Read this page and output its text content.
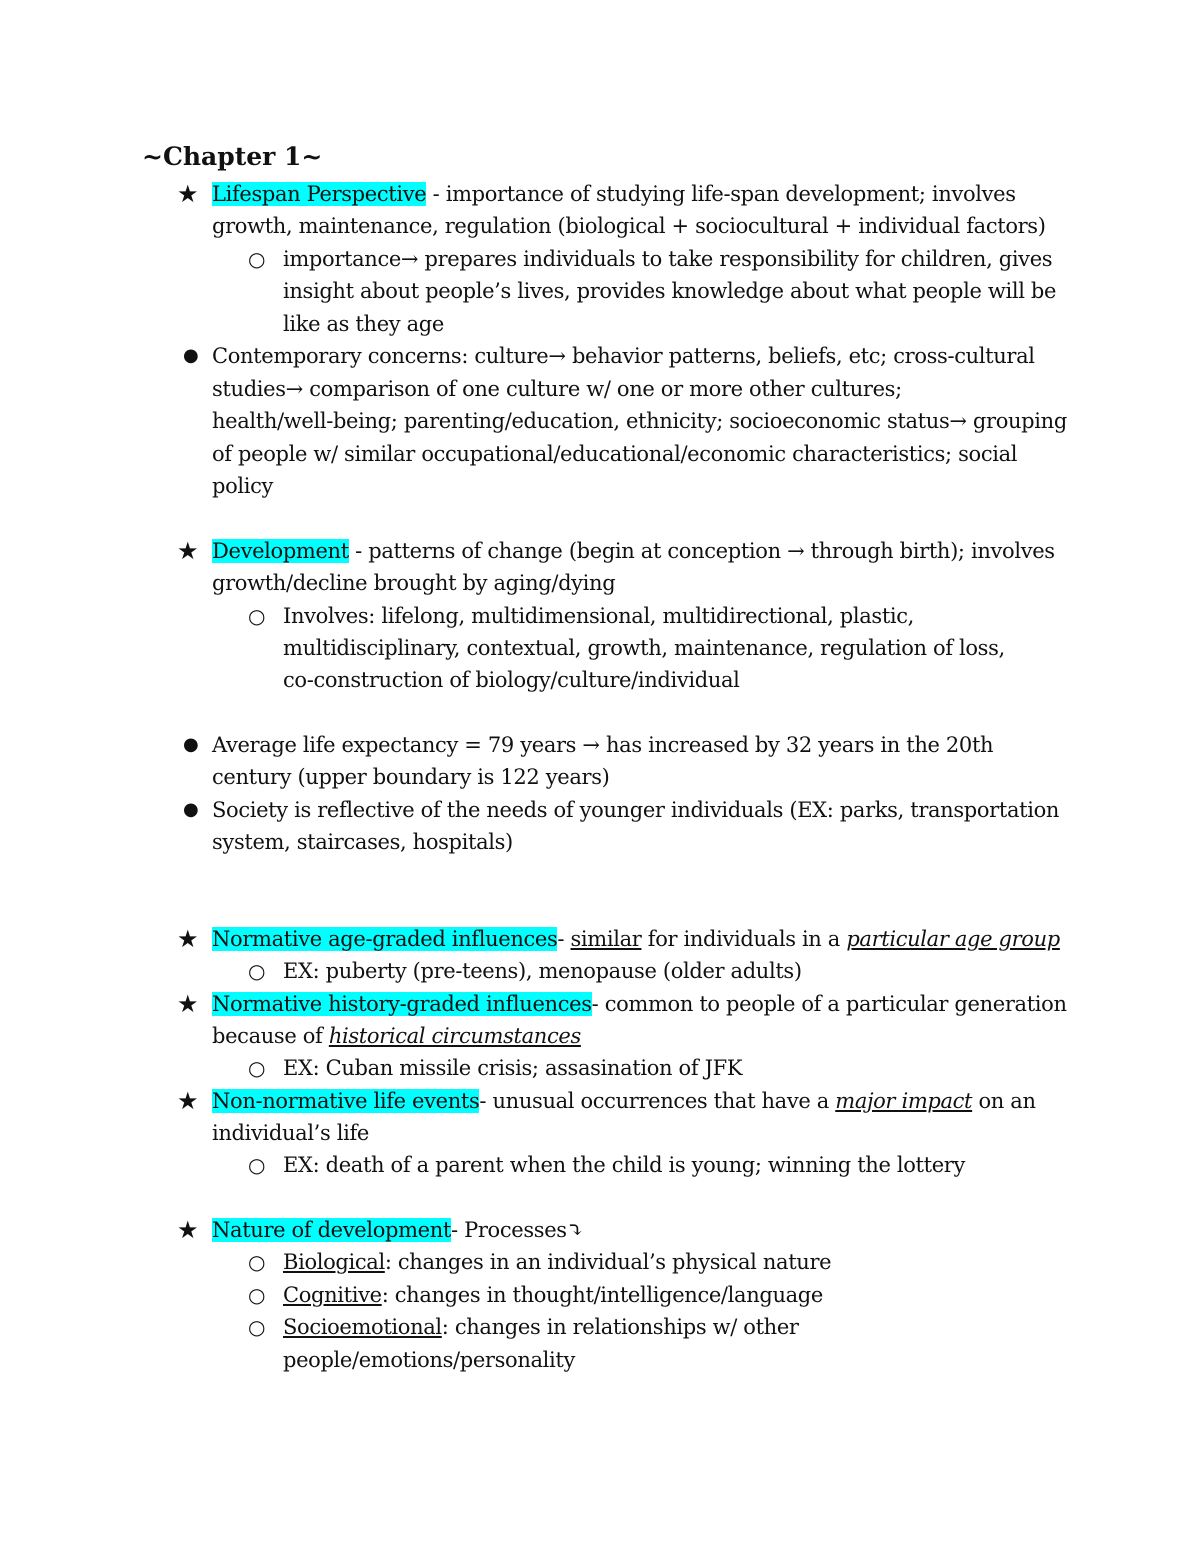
~Chapter 1~
★ Lifespan Perspective - importance of studying life-span development; involves
growth, maintenance, regulation (biological + sociocultural + individual factors)
○ importance→ prepares individuals to take responsibility for children, gives
insight about people’s lives, provides knowledge about what people will be
like as they age
● Contemporary concerns: culture→ behavior patterns, beliefs, etc; cross-cultural
studies→ comparison of one culture w/ one or more other cultures;
health/well-being; parenting/education, ethnicity; socioeconomic status→ grouping
of people w/ similar occupational/educational/economic characteristics; social
policy
★ Development - patterns of change (begin at conception → through birth); involves
growth/decline brought by aging/dying
○ Involves: lifelong, multidimensional, multidirectional, plastic,
multidisciplinary, contextual, growth, maintenance, regulation of loss,
co-construction of biology/culture/individual
● Average life expectancy = 79 years → has increased by 32 years in the 20th
century (upper boundary is 122 years)
● Society is reflective of the needs of younger individuals (EX: parks, transportation
system, staircases, hospitals)
★ Normative age-graded influences- similar for individuals in a particular age group
○ EX: puberty (pre-teens), menopause (older adults)
★ Normative history-graded influences- common to people of a particular generation
because of historical circumstances
○ EX: Cuban missile crisis; assasination of JFK
★ Non-normative life events- unusual occurrences that have a major impact on an
individual’s life
○ EX: death of a parent when the child is young; winning the lottery
★ Nature of development- Processes⤵
○ Biological: changes in an individual’s physical nature
○ Cognitive: changes in thought/intelligence/language
○ Socioemotional: changes in relationships w/ other
people/emotions/personality
